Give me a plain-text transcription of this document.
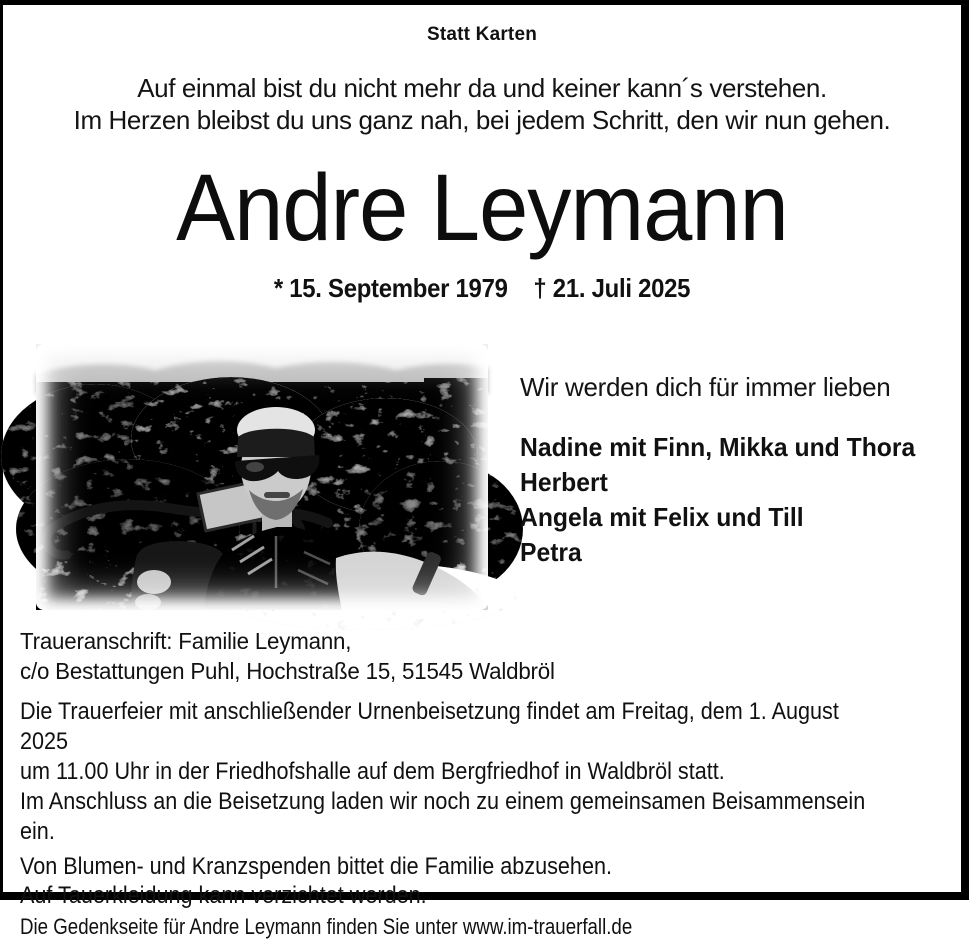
Statt Karten
Auf einmal bist du nicht mehr da und keiner kann´s verstehen.
Im Herzen bleibst du uns ganz nah, bei jedem Schritt, den wir nun gehen.
Andre Leymann
* 15. September 1979 † 21. Juli 2025
Wir werden dich für immer lieben
Nadine mit Finn, Mikka und Thora
Herbert
Angela mit Felix und Till
Petra
Traueranschrift: Familie Leymann,
c/o Bestattungen Puhl, Hochstraße 15, 51545 Waldbröl
Die Trauerfeier mit anschließender Urnenbeisetzung findet am Freitag, dem 1. August 2025
um 11.00 Uhr in der Friedhofshalle auf dem Bergfriedhof in Waldbröl statt.
Im Anschluss an die Beisetzung laden wir noch zu einem gemeinsamen Beisammensein ein.
Von Blumen- und Kranzspenden bittet die Familie abzusehen.
Auf Tauerkleidung kann verzichtet werden.
Die Gedenkseite für Andre Leymann finden Sie unter www.im-trauerfall.de
